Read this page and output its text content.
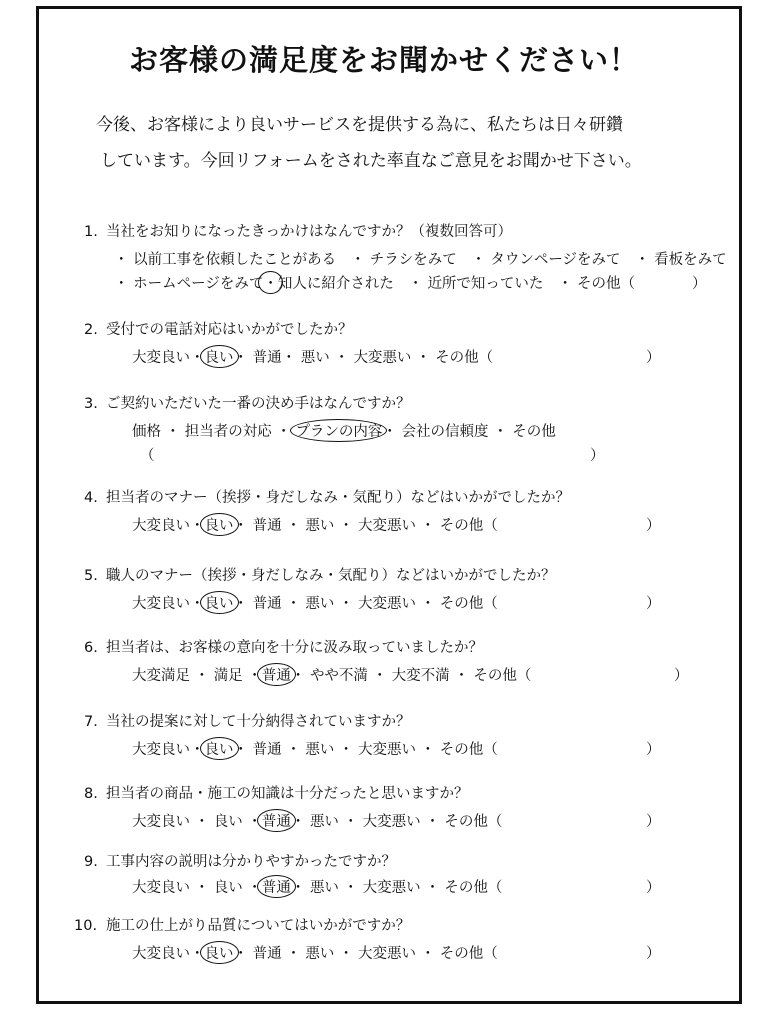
お客様の満足度をお聞かせください！
今後、お客様により良いサービスを提供する為に、私たちは日々研鑽
しています。今回リフォームをされた率直なご意見をお聞かせ下さい。
1. 当社をお知りになったきっかけはなんですか？（複数回答可）
・ 以前工事を依頼したことがある　・ チラシをみて　・ タウンページをみて　・ 看板をみて
・ ホームページをみて・知人に紹介された　・ 近所で知っていた　・ その他（	）
2. 受付での電話対応はいかがでしたか？
大変良い・良い・ 普通・ 悪い ・ 大変悪い ・ その他（	）
3. ご契約いただいた一番の決め手はなんですか？
価格 ・ 担当者の対応 ・ プランの内容・ 会社の信頼度 ・ その他
（	）
4. 担当者のマナー（挨拶・身だしなみ・気配り）などはいかがでしたか？
大変良い・良い・ 普通 ・ 悪い ・ 大変悪い ・ その他（	）
5. 職人のマナー（挨拶・身だしなみ・気配り）などはいかがでしたか？
大変良い・良い・ 普通 ・ 悪い ・ 大変悪い ・ その他（	）
6. 担当者は、お客様の意向を十分に汲み取っていましたか？
大変満足 ・ 満足 ・普通・ やや不満 ・ 大変不満 ・ その他（	）
7. 当社の提案に対して十分納得されていますか？
大変良い・良い・ 普通 ・ 悪い ・ 大変悪い ・ その他（	）
8. 担当者の商品・施工の知識は十分だったと思いますか？
大変良い ・ 良い ・普通・ 悪い ・ 大変悪い ・ その他（	）
9. 工事内容の説明は分かりやすかったですか？
大変良い ・ 良い ・普通・ 悪い ・ 大変悪い ・ その他（	）
10. 施工の仕上がり品質についてはいかがですか？
大変良い・良い・ 普通 ・ 悪い ・ 大変悪い ・ その他（	）
